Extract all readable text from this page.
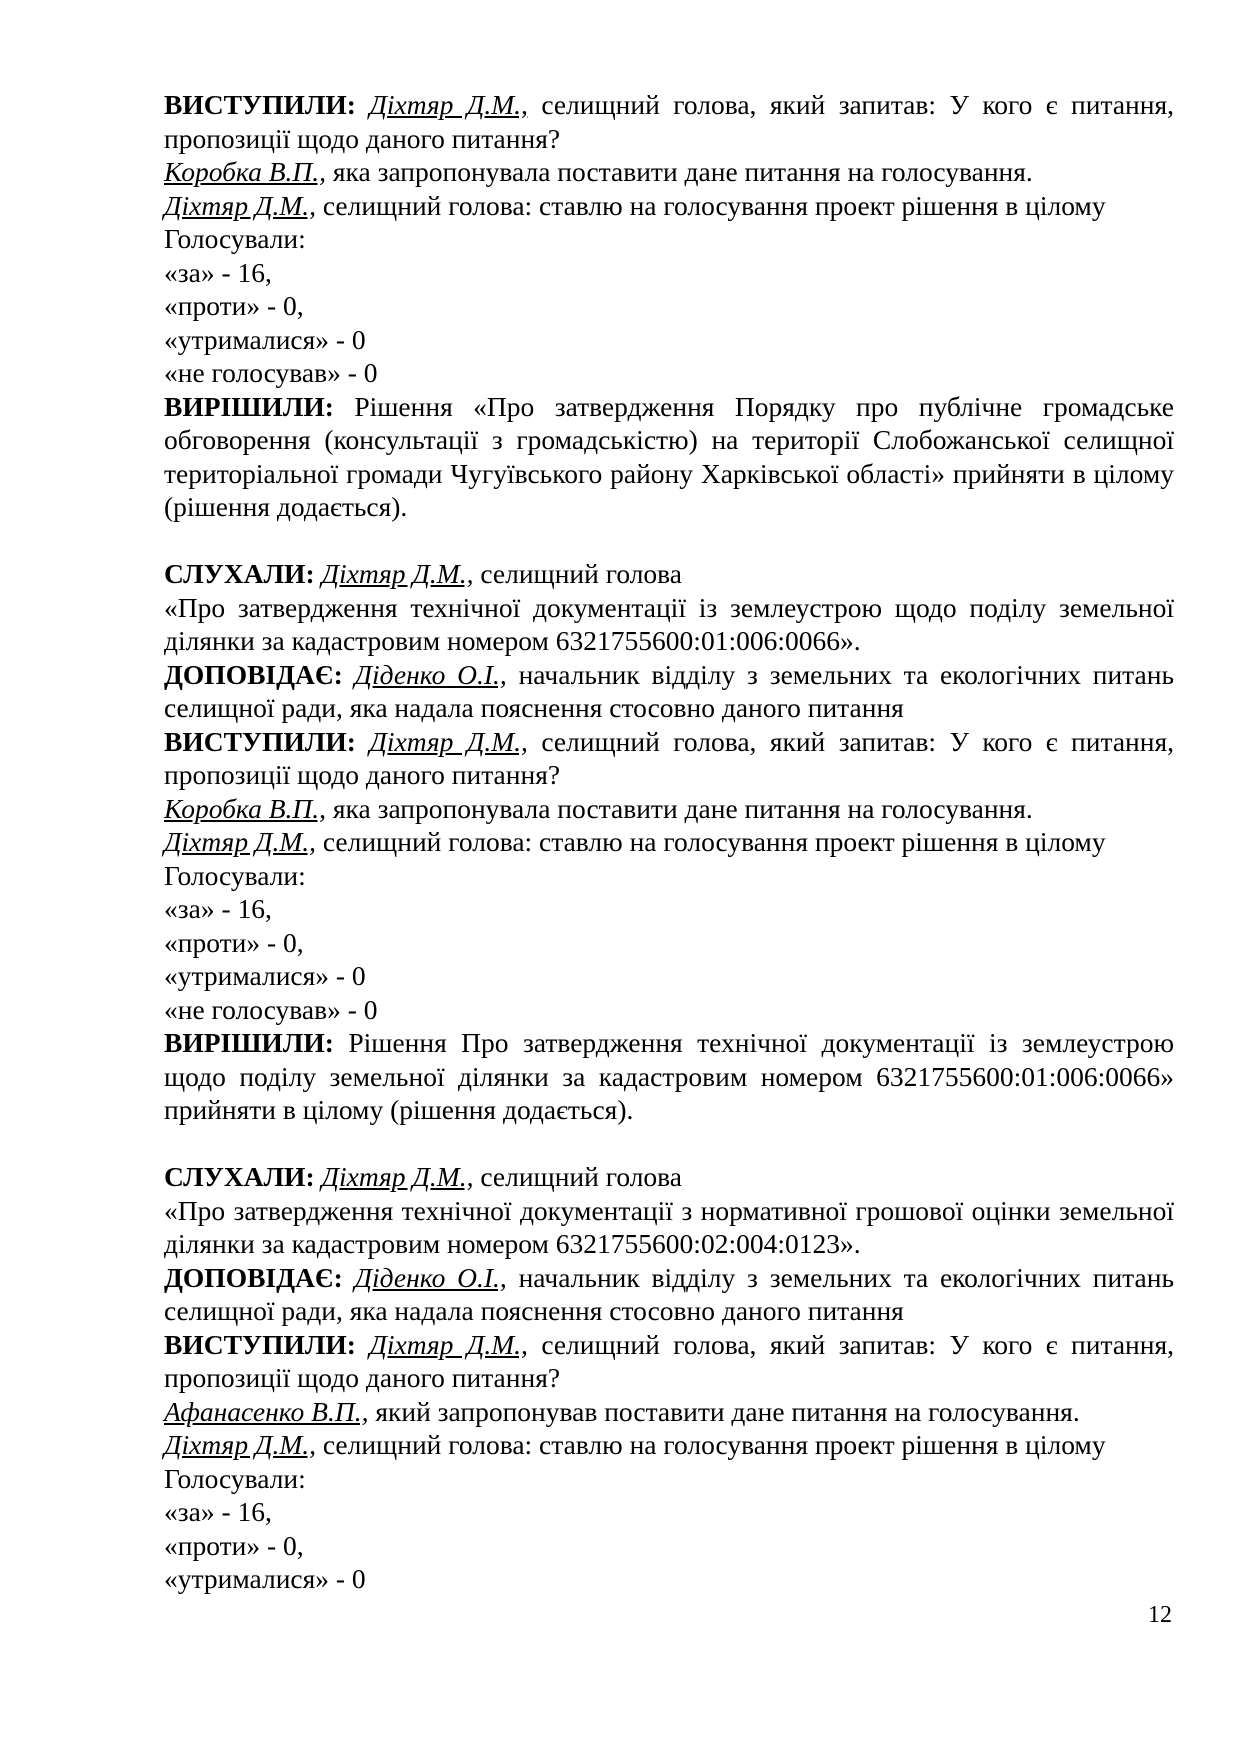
ВИСТУПИЛИ: Діхтяр Д.М., селищний голова, який запитав: У кого є питання, пропозиції щодо даного питання?

Коробка В.П., яка запропонувала поставити дане питання на голосування.

Діхтяр Д.М., селищний голова: ставлю на голосування проект рішення в цілому

Голосували:

«за» - 16,

«проти» - 0,

«утрималися» - 0

«не голосував» - 0

ВИРІШИЛИ: Рішення «Про затвердження Порядку про публічне громадське обговорення (консультації з громадськістю) на території Слобожанської селищної територіальної громади Чугуївського району Харківської області» прийняти в цілому (рішення додається).

СЛУХАЛИ: Діхтяр Д.М., селищний голова

«Про затвердження технічної документації із землеустрою щодо поділу земельної ділянки за кадастровим номером 6321755600:01:006:0066».

ДОПОВІДАЄ: Діденко О.І., начальник відділу з земельних та екологічних питань селищної ради, яка надала пояснення стосовно даного питання

ВИСТУПИЛИ: Діхтяр Д.М., селищний голова, який запитав: У кого є питання, пропозиції щодо даного питання?

Коробка В.П., яка запропонувала поставити дане питання на голосування.

Діхтяр Д.М., селищний голова: ставлю на голосування проект рішення в цілому

Голосували:

«за» - 16,

«проти» - 0,

«утрималися» - 0

«не голосував» - 0

ВИРІШИЛИ: Рішення Про затвердження технічної документації із землеустрою щодо поділу земельної ділянки за кадастровим номером 6321755600:01:006:0066» прийняти в цілому (рішення додається).

СЛУХАЛИ: Діхтяр Д.М., селищний голова

«Про затвердження технічної документації з нормативної грошової оцінки земельної ділянки за кадастровим номером 6321755600:02:004:0123».

ДОПОВІДАЄ: Діденко О.І., начальник відділу з земельних та екологічних питань селищної ради, яка надала пояснення стосовно даного питання

ВИСТУПИЛИ: Діхтяр Д.М., селищний голова, який запитав: У кого є питання, пропозиції щодо даного питання?

Афанасенко В.П., який запропонував поставити дане питання на голосування.

Діхтяр Д.М., селищний голова: ставлю на голосування проект рішення в цілому

Голосували:

«за» - 16,

«проти» - 0,

«утрималися» - 0

12
